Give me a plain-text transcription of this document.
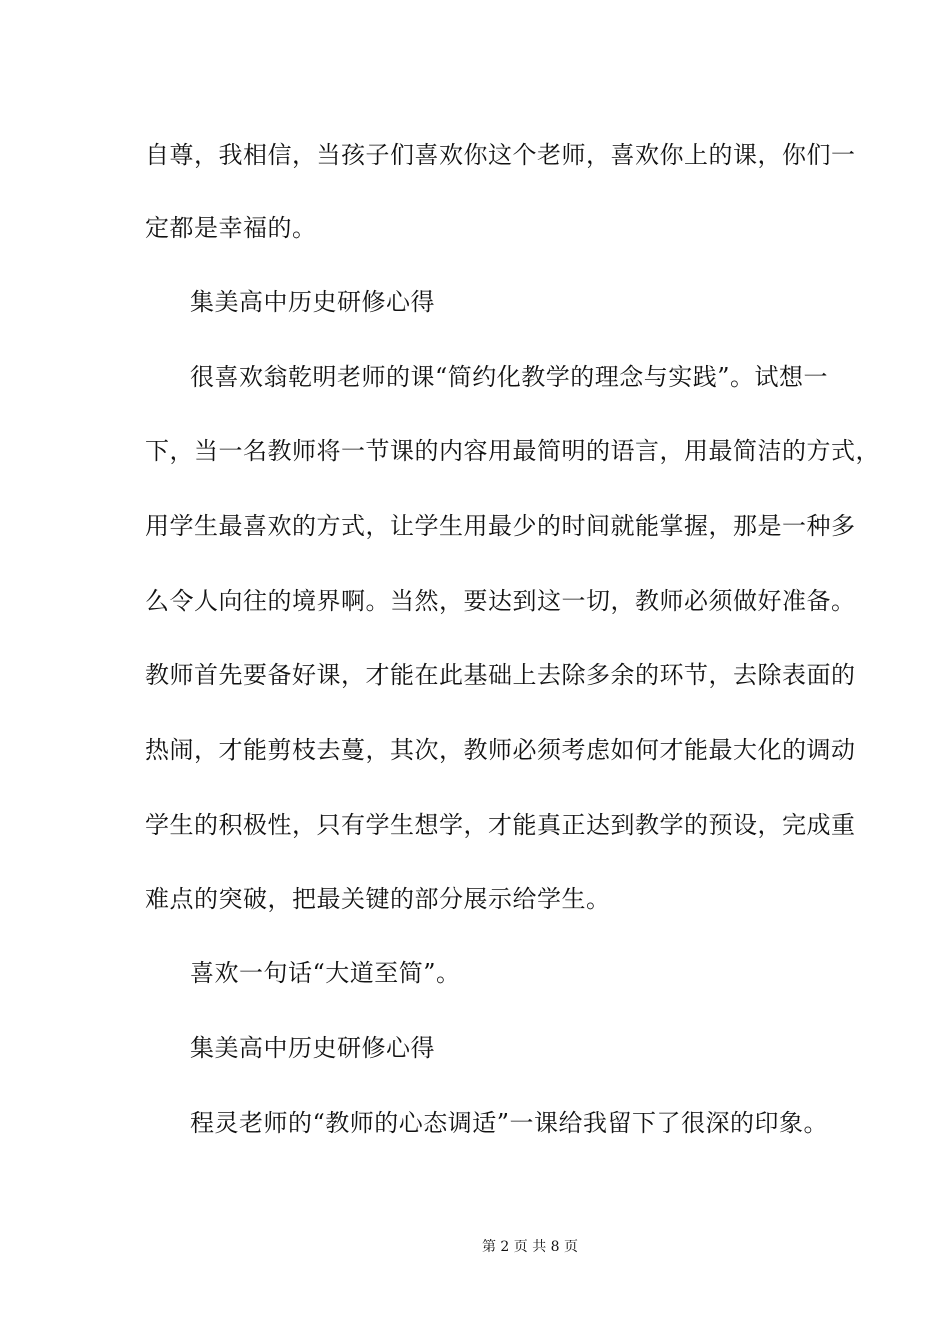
自尊，我相信，当孩子们喜欢你这个老师，喜欢你上的课，你们一
定都是幸福的。
集美高中历史研修心得
很喜欢翁乾明老师的课“简约化教学的理念与实践”。试想一
下，当一名教师将一节课的内容用最简明的语言，用最简洁的方式，
用学生最喜欢的方式，让学生用最少的时间就能掌握，那是一种多
么令人向往的境界啊。当然，要达到这一切，教师必须做好准备。
教师首先要备好课，才能在此基础上去除多余的环节，去除表面的
热闹，才能剪枝去蔓，其次，教师必须考虑如何才能最大化的调动
学生的积极性，只有学生想学，才能真正达到教学的预设，完成重
难点的突破，把最关键的部分展示给学生。
喜欢一句话“大道至简”。
集美高中历史研修心得
程灵老师的“教师的心态调适”一课给我留下了很深的印象。
第 2 页 共 8 页
